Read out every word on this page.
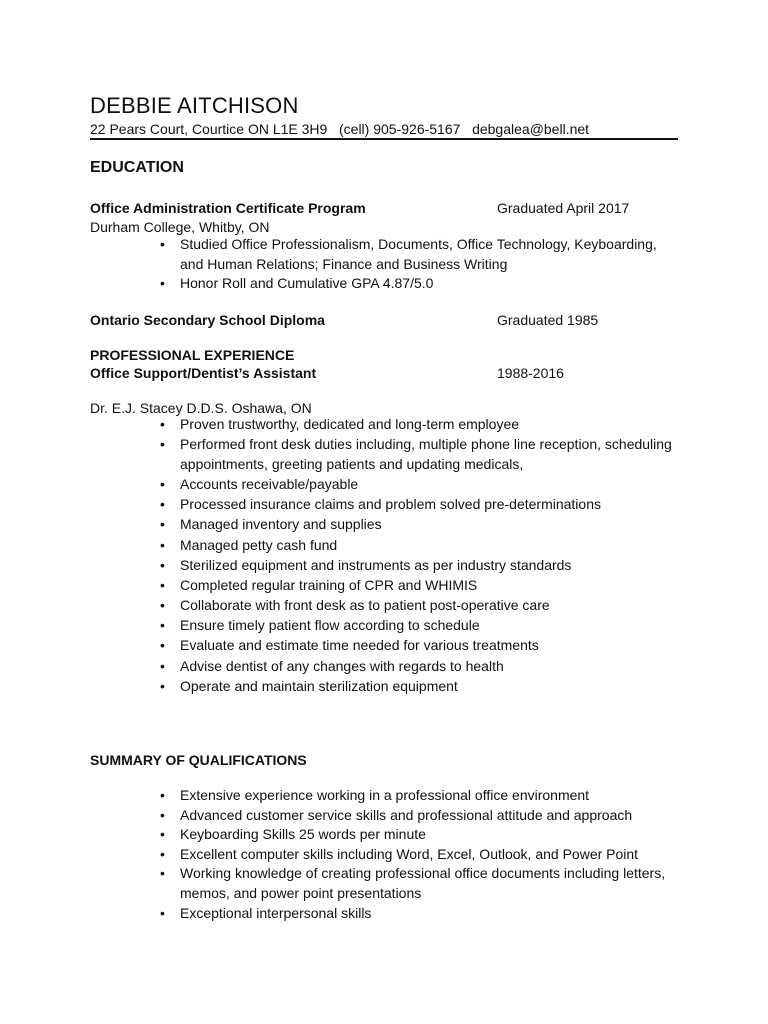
DEBBIE AITCHISON
22 Pears Court, Courtice ON L1E 3H9   (cell) 905-926-5167   debgalea@bell.net
EDUCATION
Office Administration Certificate Program	Graduated April 2017
Durham College, Whitby, ON
• Studied Office Professionalism, Documents, Office Technology, Keyboarding, and Human Relations; Finance and Business Writing
• Honor Roll and Cumulative GPA 4.87/5.0
Ontario Secondary School Diploma	Graduated 1985
PROFESSIONAL EXPERIENCE
Office Support/Dentist’s Assistant	1988-2016
Dr. E.J. Stacey D.D.S. Oshawa, ON
• Proven trustworthy, dedicated and long-term employee
• Performed front desk duties including, multiple phone line reception, scheduling appointments, greeting patients and updating medicals,
• Accounts receivable/payable
• Processed insurance claims and problem solved pre-determinations
• Managed inventory and supplies
• Managed petty cash fund
• Sterilized equipment and instruments as per industry standards
• Completed regular training of CPR and WHIMIS
• Collaborate with front desk as to patient post-operative care
• Ensure timely patient flow according to schedule
• Evaluate and estimate time needed for various treatments
• Advise dentist of any changes with regards to health
• Operate and maintain sterilization equipment
SUMMARY OF QUALIFICATIONS
• Extensive experience working in a professional office environment
• Advanced customer service skills and professional attitude and approach
• Keyboarding Skills 25 words per minute
• Excellent computer skills including Word, Excel, Outlook, and Power Point
• Working knowledge of creating professional office documents including letters, memos, and power point presentations
• Exceptional interpersonal skills
